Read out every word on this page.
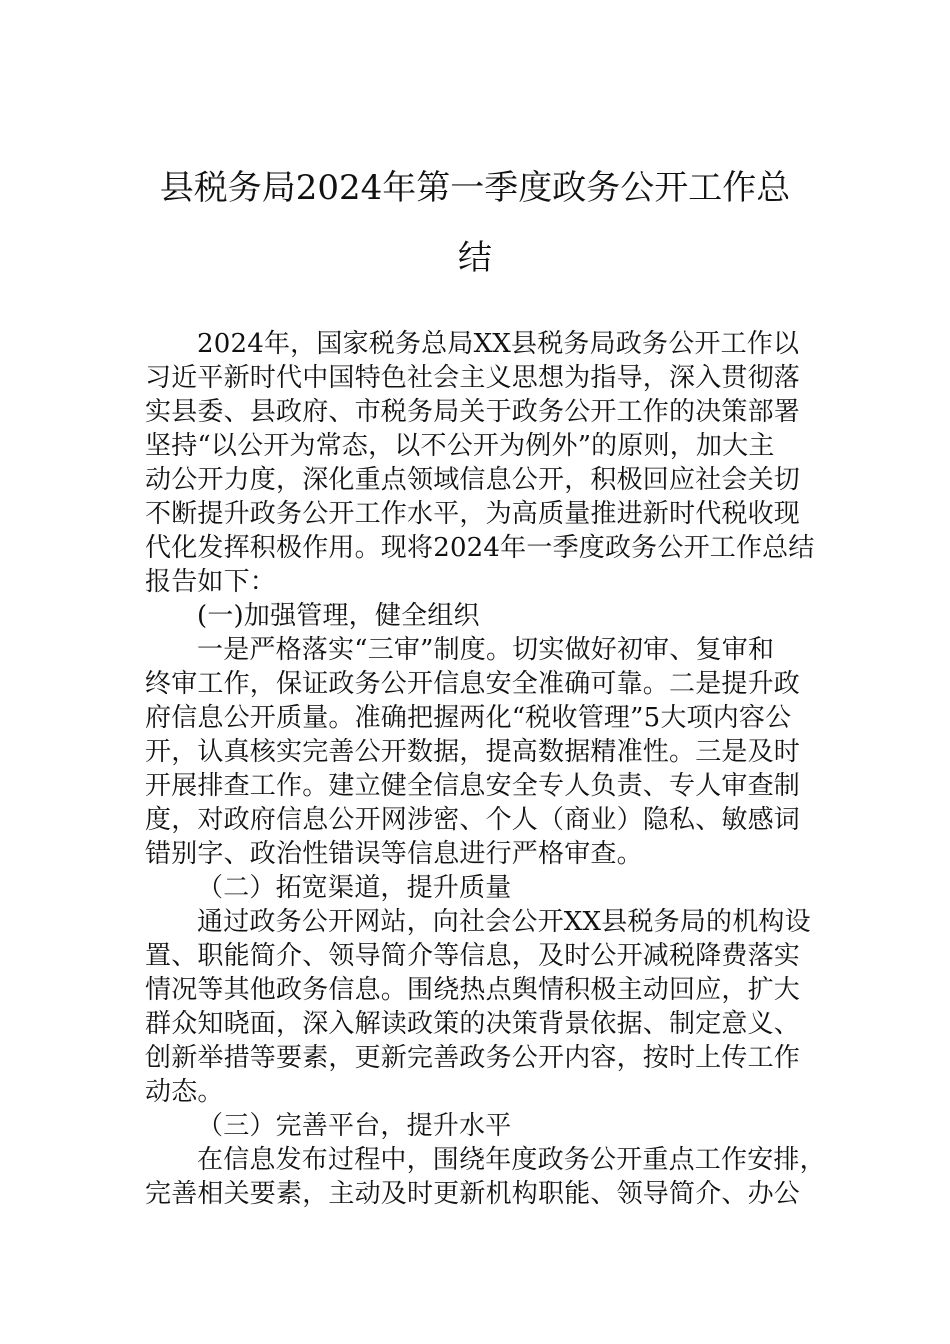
县税务局2024年第一季度政务公开工作总
结
2024年，国家税务总局XX县税务局政务公开工作以
习近平新时代中国特色社会主义思想为指导，深入贯彻落
实县委、县政府、市税务局关于政务公开工作的决策部署
坚持“以公开为常态，以不公开为例外”的原则，加大主
动公开力度，深化重点领域信息公开，积极回应社会关切
不断提升政务公开工作水平，为高质量推进新时代税收现
代化发挥积极作用。现将2024年一季度政务公开工作总结
报告如下：
(一)加强管理，健全组织
一是严格落实“三审”制度。切实做好初审、复审和
终审工作，保证政务公开信息安全准确可靠。二是提升政
府信息公开质量。准确把握两化“税收管理”5大项内容公
开，认真核实完善公开数据，提高数据精准性。三是及时
开展排查工作。建立健全信息安全专人负责、专人审查制
度，对政府信息公开网涉密、个人（商业）隐私、敏感词
错别字、政治性错误等信息进行严格审查。
（二）拓宽渠道，提升质量
通过政务公开网站，向社会公开XX县税务局的机构设
置、职能简介、领导简介等信息，及时公开减税降费落实
情况等其他政务信息。围绕热点舆情积极主动回应，扩大
群众知晓面，深入解读政策的决策背景依据、制定意义、
创新举措等要素，更新完善政务公开内容，按时上传工作
动态。
（三）完善平台，提升水平
在信息发布过程中，围绕年度政务公开重点工作安排，
完善相关要素，主动及时更新机构职能、领导简介、办公
